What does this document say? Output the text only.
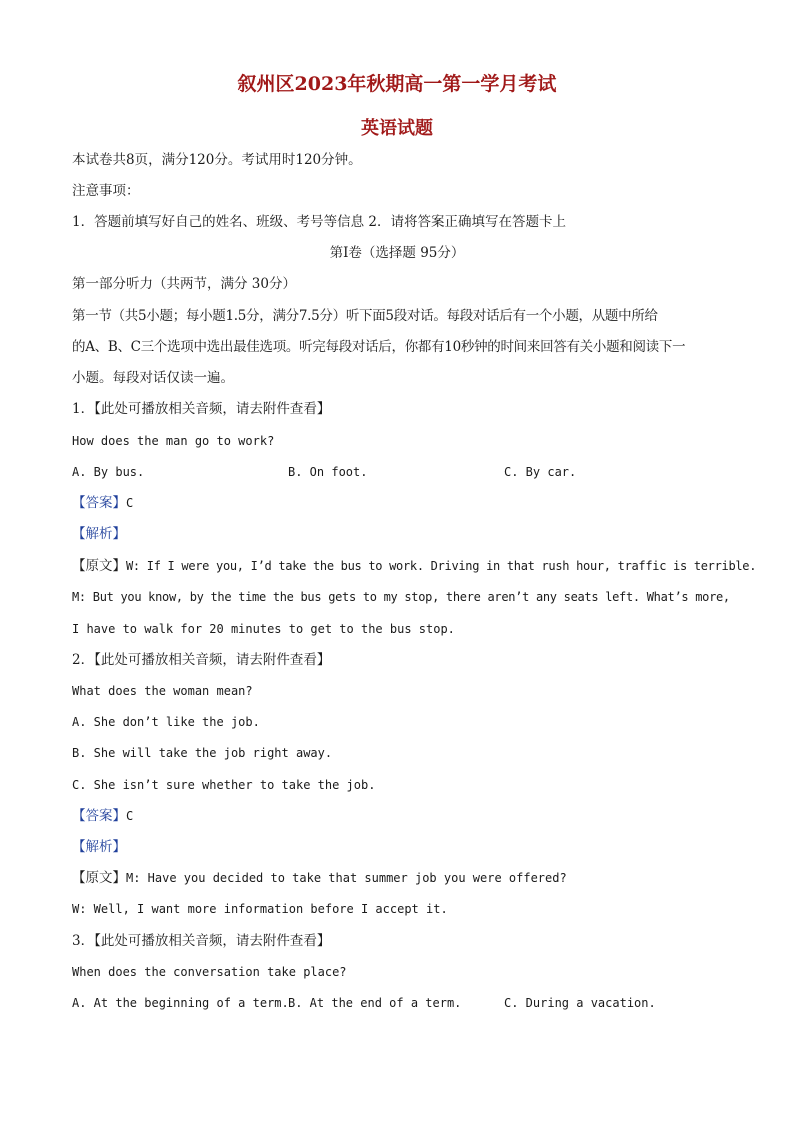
叙州区2023年秋期高一第一学月考试
英语试题
本试卷共8页，满分120分。考试用时120分钟。
注意事项：
1．答题前填写好自己的姓名、班级、考号等信息 2．请将答案正确填写在答题卡上
第I卷（选择题 95分）
第一部分听力（共两节，满分 30分）
第一节（共5小题；每小题1.5分，满分7.5分）听下面5段对话。每段对话后有一个小题，从题中所给
的A、B、C三个选项中选出最佳选项。听完每段对话后，你都有10秒钟的时间来回答有关小题和阅读下一
小题。每段对话仅读一遍。
1．【此处可播放相关音频，请去附件查看】
How does the man go to work?
A. By bus.	B. On foot.	C. By car.
【答案】C
【解析】
【原文】W: If I were you, I’d take the bus to work. Driving in that rush hour, traffic is terrible.
M: But you know, by the time the bus gets to my stop, there aren’t any seats left. What’s more,
I have to walk for 20 minutes to get to the bus stop.
2．【此处可播放相关音频，请去附件查看】
What does the woman mean?
A. She don’t like the job.
B. She will take the job right away.
C. She isn’t sure whether to take the job.
【答案】C
【解析】
【原文】M: Have you decided to take that summer job you were offered?
W: Well, I want more information before I accept it.
3．【此处可播放相关音频，请去附件查看】
When does the conversation take place?
A. At the beginning of a term. B. At the end of a term.	C. During a vacation.
